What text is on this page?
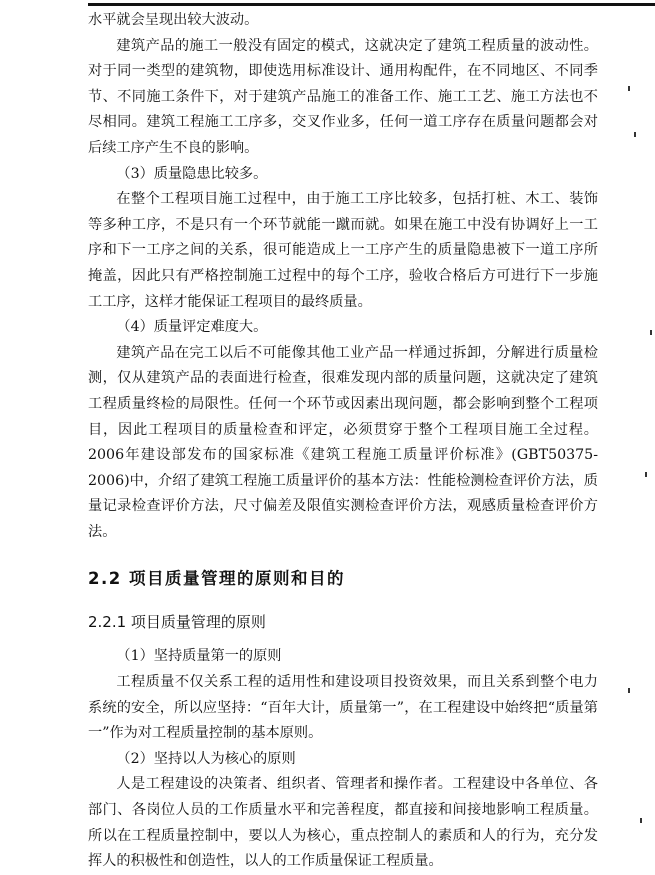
水平就会呈现出较大波动。

建筑产品的施工一般没有固定的模式，这就决定了建筑工程质量的波动性。对于同一类型的建筑物，即使选用标准设计、通用构配件，在不同地区、不同季节、不同施工条件下，对于建筑产品施工的准备工作、施工工艺、施工方法也不尽相同。建筑工程施工工序多，交叉作业多，任何一道工序存在质量问题都会对后续工序产生不良的影响。

（3）质量隐患比较多。

在整个工程项目施工过程中，由于施工工序比较多，包括打桩、木工、装饰等多种工序，不是只有一个环节就能一蹴而就。如果在施工中没有协调好上一工序和下一工序之间的关系，很可能造成上一工序产生的质量隐患被下一道工序所掩盖，因此只有严格控制施工过程中的每个工序，验收合格后方可进行下一步施工工序，这样才能保证工程项目的最终质量。

（4）质量评定难度大。

建筑产品在完工以后不可能像其他工业产品一样通过拆卸，分解进行质量检测，仅从建筑产品的表面进行检查，很难发现内部的质量问题，这就决定了建筑工程质量终检的局限性。任何一个环节或因素出现问题，都会影响到整个工程项目，因此工程项目的质量检查和评定，必须贯穿于整个工程项目施工全过程。2006年建设部发布的国家标准《建筑工程施工质量评价标准》(GBT50375-2006)中，介绍了建筑工程施工质量评价的基本方法：性能检测检查评价方法，质量记录检查评价方法，尺寸偏差及限值实测检查评价方法，观感质量检查评价方法。

2.2 项目质量管理的原则和目的
2.2.1 项目质量管理的原则

（1）坚持质量第一的原则

工程质量不仅关系工程的适用性和建设项目投资效果，而且关系到整个电力系统的安全，所以应坚持：“百年大计，质量第一”，在工程建设中始终把“质量第一”作为对工程质量控制的基本原则。

（2）坚持以人为核心的原则

人是工程建设的决策者、组织者、管理者和操作者。工程建设中各单位、各部门、各岗位人员的工作质量水平和完善程度，都直接和间接地影响工程质量。所以在工程质量控制中，要以人为核心，重点控制人的素质和人的行为，充分发挥人的积极性和创造性，以人的工作质量保证工程质量。
